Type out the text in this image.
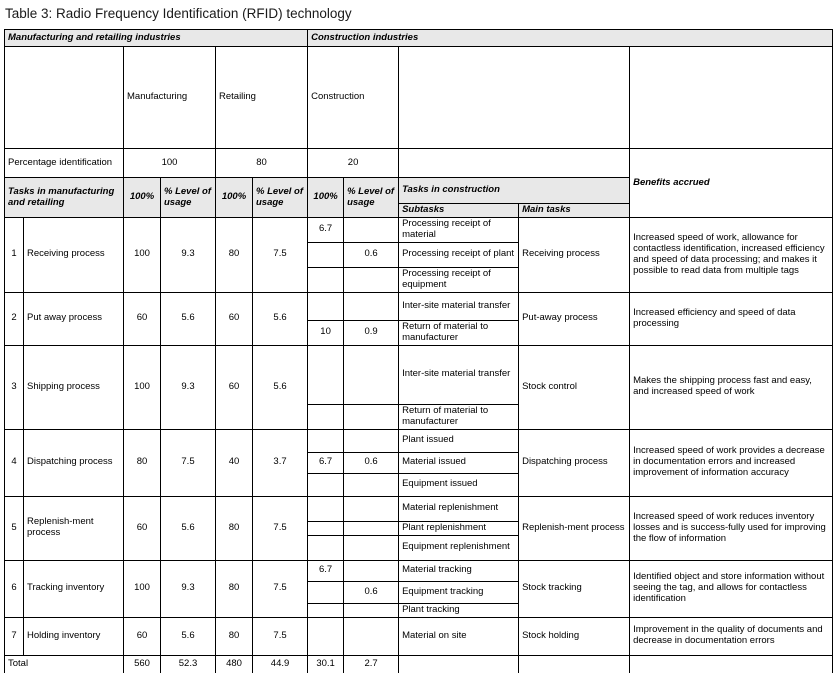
Table 3: Radio Frequency Identification (RFID) technology
Manufacturing and retailing industries						Construction industries				
		Manufacturing		Retailing		Construction				
Percentage identification		100		80		20				Benefits accrued
Tasks in manufacturing and retailing		100%	% Level of usage	100%	% Level of usage	100%	% Level of usage	Tasks in construction		
								Subtasks	Main tasks	
1	Receiving process	100	9.3	80	7.5	6.7		Processing receipt of material	Receiving process	Increased speed of work, allowance for contactless identification, increased efficiency and speed of data processing; and makes it possible to read data from multiple tags
							0.6	Processing receipt of plant		
								Processing receipt of equipment		
2	Put away process	60	5.6	60	5.6			Inter-site material transfer	Put-away process	Increased efficiency and speed of data processing
						10	0.9	Return of material to manufacturer		
3	Shipping process	100	9.3	60	5.6			Inter-site material transfer	Stock control	Makes the shipping process fast and easy, and increased speed of work
								Return of material to manufacturer		
4	Dispatching process	80	7.5	40	3.7			Plant issued	Dispatching process	Increased speed of work provides a decrease in documentation errors and increased improvement of information accuracy
						6.7	0.6	Material issued		
								Equipment issued		
5	Replenish-ment process	60	5.6	80	7.5			Material replenishment	Replenish-ment process	Increased speed of work reduces inventory losses and is success-fully used for improving the flow of information
								Plant replenishment		
								Equipment replenishment		
6	Tracking inventory	100	9.3	80	7.5	6.7		Material tracking	Stock tracking	Identified object and store information without seeing the tag, and allows for contactless identification
							0.6	Equipment tracking		
								Plant tracking		
7	Holding inventory	60	5.6	80	7.5			Material on site	Stock holding	Improvement in the quality of documents and decrease in documentation errors
Total		560	52.3	480	44.9	30.1	2.7			
